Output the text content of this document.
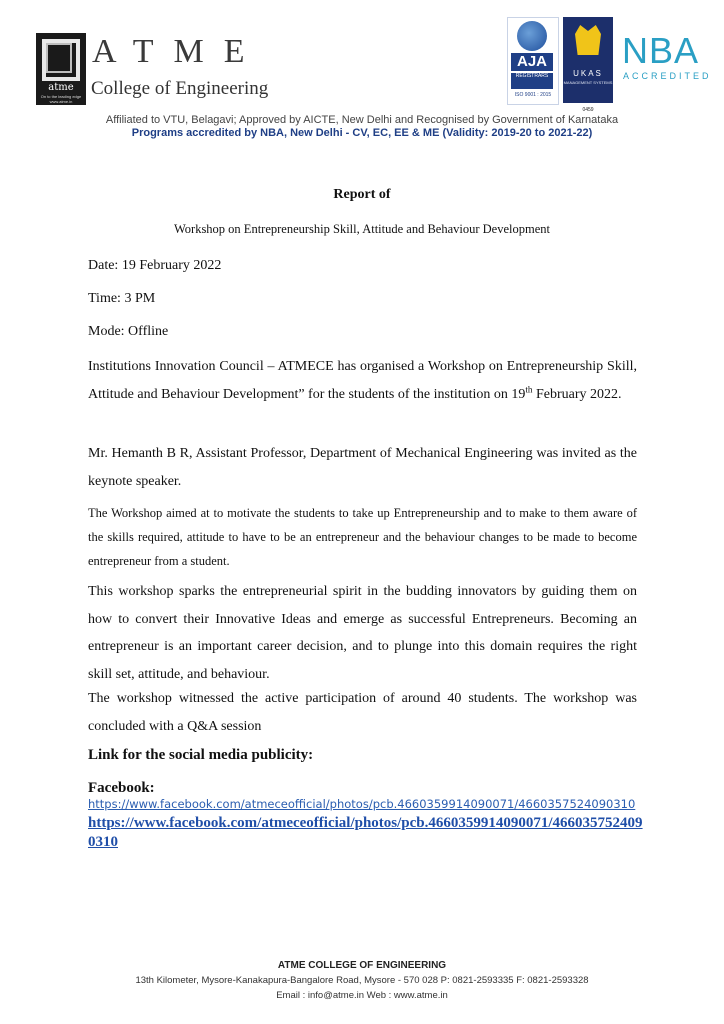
atme
On to the leading edge www.atme.in
ATME
College of Engineering
AJA
REGISTRARS
ISO 9001 : 2015
UKAS
MANAGEMENT SYSTEMS
0459
NBA
ACCREDITED
Affiliated to VTU, Belagavi; Approved by AICTE, New Delhi and Recognised by Government of Karnataka
Programs accredited by NBA, New Delhi - CV, EC, EE & ME (Validity: 2019-20 to 2021-22)
Report of
Workshop on Entrepreneurship Skill, Attitude and Behaviour Development
Date: 19 February 2022
Time: 3 PM
Mode: Offline
Institutions Innovation Council – ATMECE has organised a Workshop on Entrepreneurship Skill, Attitude and Behaviour Development” for the students of the institution on 19th February 2022.
Mr. Hemanth B R, Assistant Professor, Department of Mechanical Engineering was invited as the keynote speaker.
The Workshop aimed at to motivate the students to take up Entrepreneurship and to make to them aware of the skills required, attitude to have to be an entrepreneur and the behaviour changes to be made to become entrepreneur from a student.
This workshop sparks the entrepreneurial spirit in the budding innovators by guiding them on how to convert their Innovative Ideas and emerge as successful Entrepreneurs. Becoming an entrepreneur is an important career decision, and to plunge into this domain requires the right skill set, attitude, and behaviour.
The workshop witnessed the active participation of around 40 students. The workshop was concluded with a Q&A session
Link for the social media publicity:
Facebook:
https://www.facebook.com/atmeceofficial/photos/pcb.4660359914090071/4660357524090310
https://www.facebook.com/atmeceofficial/photos/pcb.4660359914090071/4660357524090310
ATME COLLEGE OF ENGINEERING
13th Kilometer, Mysore-Kanakapura-Bangalore Road, Mysore - 570 028 P: 0821-2593335 F: 0821-2593328
Email : info@atme.in Web : www.atme.in
